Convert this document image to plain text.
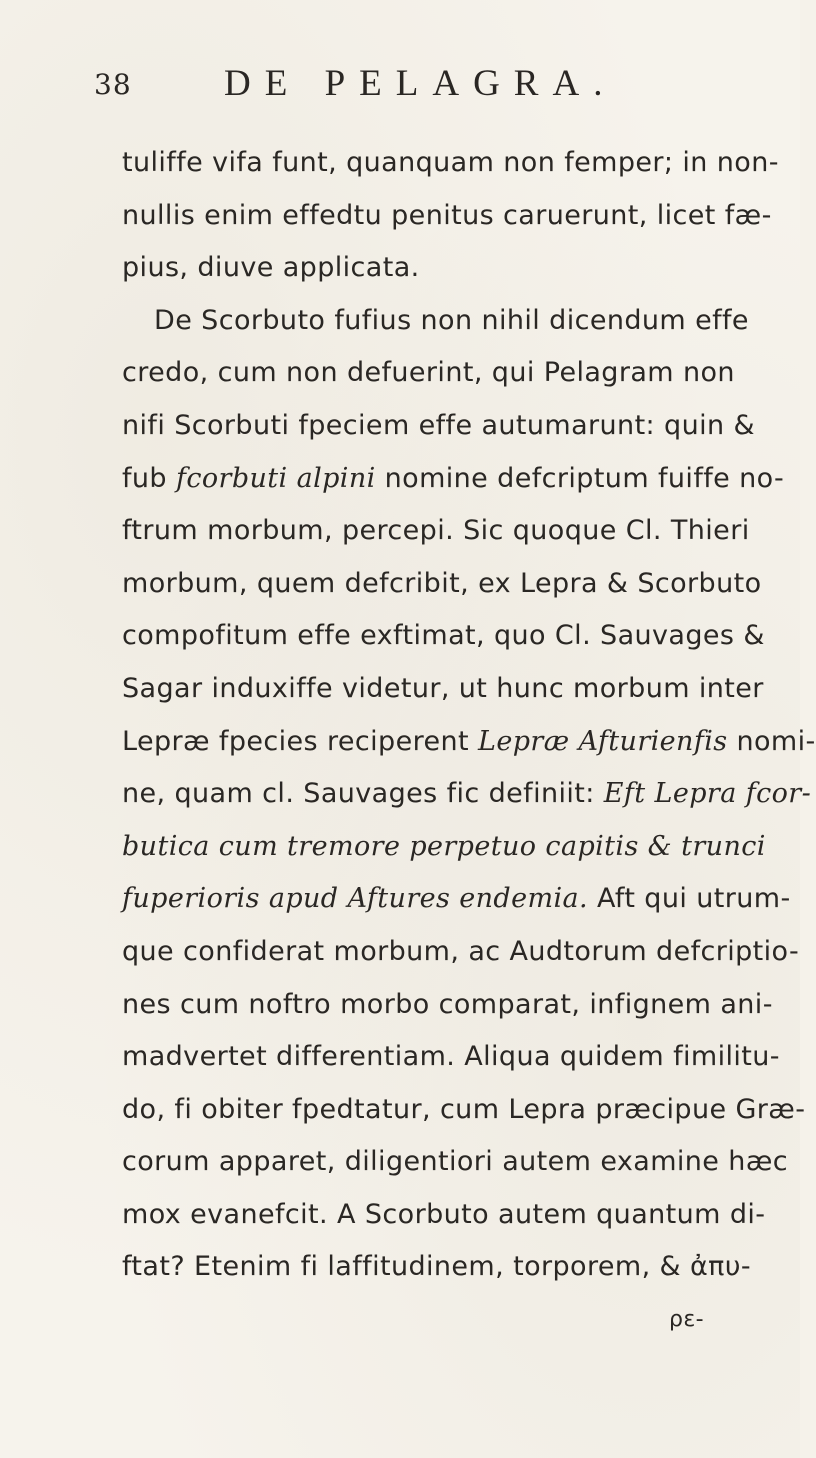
38 DE PELAGRA.
tuliffe vifa funt, quanquam non femper; in non-
nullis enim effedtu penitus caruerunt, licet fæ-
pius, diuve applicata.
De Scorbuto fufius non nihil dicendum effe
credo, cum non defuerint, qui Pelagram non
nifi Scorbuti fpeciem effe autumarunt: quin &
fub fcorbuti alpini nomine defcriptum fuiffe no-
ftrum morbum, percepi. Sic quoque Cl. Thieri
morbum, quem defcribit, ex Lepra & Scorbuto
compofitum effe exftimat, quo Cl. Sauvages &
Sagar induxiffe videtur, ut hunc morbum inter
Lepræ fpecies reciperent Lepræ Afturienfis nomi-
ne, quam cl. Sauvages fic definiit: Eft Lepra fcor-
butica cum tremore perpetuo capitis & trunci
fuperioris apud Aftures endemia. Aft qui utrum-
que confiderat morbum, ac Audtorum defcriptio-
nes cum noftro morbo comparat, infignem ani-
madvertet differentiam. Aliqua quidem fimilitu-
do, fi obiter fpedtatur, cum Lepra præcipue Græ-
corum apparet, diligentiori autem examine hæc
mox evanefcit. A Scorbuto autem quantum di-
ftat? Etenim fi laffitudinem, torporem, & ἀπυ-
ρε-
